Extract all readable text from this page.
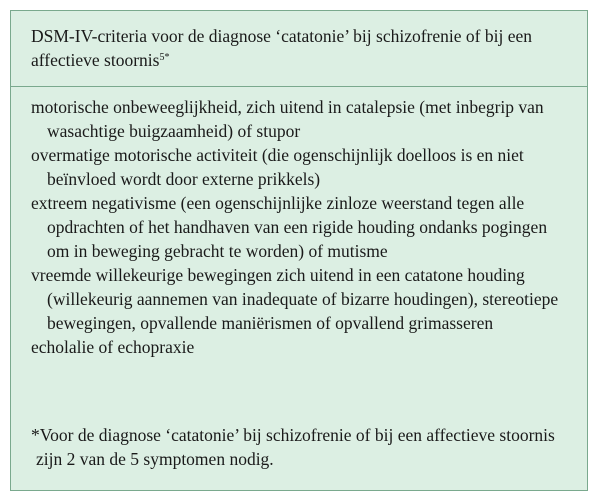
DSM-IV-criteria voor de diagnose ‘catatonie’ bij schizofrenie of bij een affectieve stoornis$^{5*}$
motorische onbeweeglijkheid, zich uitend in catalepsie (met inbegrip van wasachtige buigzaamheid) of stupor
overmatige motorische activiteit (die ogenschijnlijk doelloos is en niet beïnvloed wordt door externe prikkels)
extreem negativisme (een ogenschijnlijke zinloze weerstand tegen alle opdrachten of het handhaven van een rigide houding ondanks pogingen om in beweging gebracht te worden) of mutisme
vreemde willekeurige bewegingen zich uitend in een catatone houding (willekeurig aannemen van inadequate of bizarre houdingen), stereotiepe bewegingen, opvallende maniërismen of opvallend grimasseren
echolalie of echopraxie
*Voor de diagnose ‘catatonie’ bij schizofrenie of bij een affectieve stoornis zijn 2 van de 5 symptomen nodig.
